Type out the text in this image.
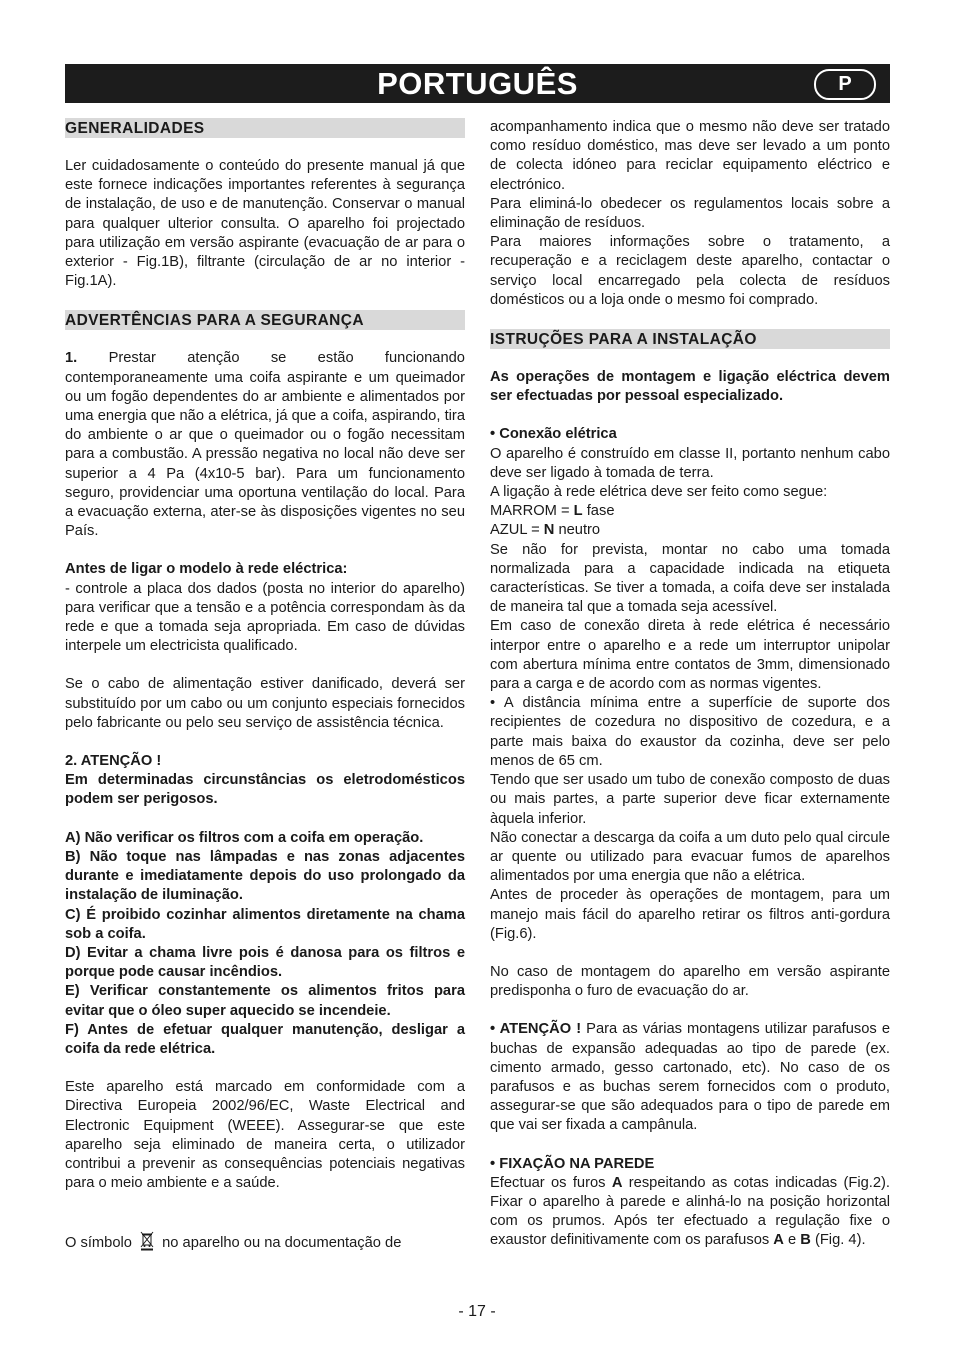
PORTUGUÊS	P
GENERALIDADES

Ler cuidadosamente o conteúdo do presente manual já que este fornece indicações importantes referentes à segurança de instalação, de uso e de manutenção. Conservar o manual para qualquer ulterior consulta. O aparelho foi projectado para utilização em versão aspirante (evacuação de ar para o exterior - Fig.1B), filtrante (circulação de ar no interior - Fig.1A).

ADVERTÊNCIAS PARA A SEGURANÇA

1. Prestar atenção se estão funcionando contemporaneamente uma coifa aspirante e um queimador ou um fogão dependentes do ar ambiente e alimentados por uma energia que não a elétrica, já que a coifa, aspirando, tira do ambiente o ar que o queimador ou o fogão necessitam para a combustão. A pressão negativa no local não deve ser superior a 4 Pa (4x10-5 bar). Para um funcionamento seguro, providenciar uma oportuna ventilação do local. Para a evacuação externa, ater-se às disposições vigentes no seu País.

Antes de ligar o modelo à rede eléctrica:

- controle a placa dos dados (posta no interior do aparelho) para verificar que a tensão e a potência correspondam às da rede e que a tomada seja apropriada. Em caso de dúvidas interpele um electricista qualificado.

Se o cabo de alimentação estiver danificado, deverá ser substituído por um cabo ou um conjunto especiais fornecidos pelo fabricante ou pelo seu serviço de assistência técnica.

2. ATENÇÃO !

Em determinadas circunstâncias os eletrodomésticos podem ser perigosos.

A) Não verificar os filtros com a coifa em operação.

B) Não toque nas lâmpadas e nas zonas adjacentes durante e imediatamente depois do uso prolongado da instalação de iluminação.

C) É proibido cozinhar alimentos diretamente na chama sob a coifa.

D) Evitar a chama livre pois é danosa para os filtros e porque pode causar incêndios.

E) Verificar constantemente os alimentos fritos para evitar que o óleo super aquecido se incendeie.

F) Antes de efetuar qualquer manutenção, desligar a coifa da rede elétrica.

Este aparelho está marcado em conformidade com a Directiva Europeia 2002/96/EC, Waste Electrical and Electronic Equipment (WEEE). Assegurar-se que este aparelho seja eliminado de maneira certa, o utilizador contribui a prevenir as consequências potenciais negativas para o meio ambiente e a saúde.

O símbolo no aparelho ou na documentação de

acompanhamento indica que o mesmo não deve ser tratado como resíduo doméstico, mas deve ser levado a um ponto de colecta idóneo para reciclar equipamento eléctrico e electrónico.

Para eliminá-lo obedecer os regulamentos locais sobre a eliminação de resíduos.

Para maiores informações sobre o tratamento, a recuperação e a reciclagem deste aparelho, contactar o serviço local encarregado pela colecta de resíduos domésticos ou a loja onde o mesmo foi comprado.

ISTRUÇÕES PARA A INSTALAÇÃO

As operações de montagem e ligação eléctrica devem ser efectuadas por pessoal especializado.

• Conexão elétrica

O aparelho é construído em classe II, portanto nenhum cabo deve ser ligado à tomada de terra.

A ligação à rede elétrica deve ser feito como segue:

MARROM = L fase

AZUL = N neutro

Se não for prevista, montar no cabo uma tomada normalizada para a capacidade indicada na etiqueta características. Se tiver a tomada, a coifa deve ser instalada de maneira tal que a tomada seja acessível.

Em caso de conexão direta à rede elétrica é necessário interpor entre o aparelho e a rede um interruptor unipolar com abertura mínima entre contatos de 3mm, dimensionado para a carga e de acordo com as normas vigentes.

• A distância mínima entre a superfície de suporte dos recipientes de cozedura no dispositivo de cozedura, e a parte mais baixa do exaustor da cozinha, deve ser pelo menos de 65 cm.

Tendo que ser usado um tubo de conexão composto de duas ou mais partes, a parte superior deve ficar externamente àquela inferior.

Não conectar a descarga da coifa a um duto pelo qual circule ar quente ou utilizado para evacuar fumos de aparelhos alimentados por uma energia que não a elétrica.

Antes de proceder às operações de montagem, para um manejo mais fácil do aparelho retirar os filtros anti-gordura (Fig.6).

No caso de montagem do aparelho em versão aspirante predisponha o furo de evacuação do ar.

• ATENÇÃO ! Para as várias montagens utilizar parafusos e buchas de expansão adequadas ao tipo de parede (ex. cimento armado, gesso cartonado, etc). No caso de os parafusos e as buchas serem fornecidos com o produto, assegurar-se que são adequados para o tipo de parede em que vai ser fixada a campânula.

• FIXAÇÃO NA PAREDE

Efectuar os furos A respeitando as cotas indicadas (Fig.2). Fixar o aparelho à parede e alinhá-lo na posição horizontal com os prumos. Após ter efectuado a regulação fixe o exaustor definitivamente com os parafusos A e B (Fig. 4).

- 17 -
